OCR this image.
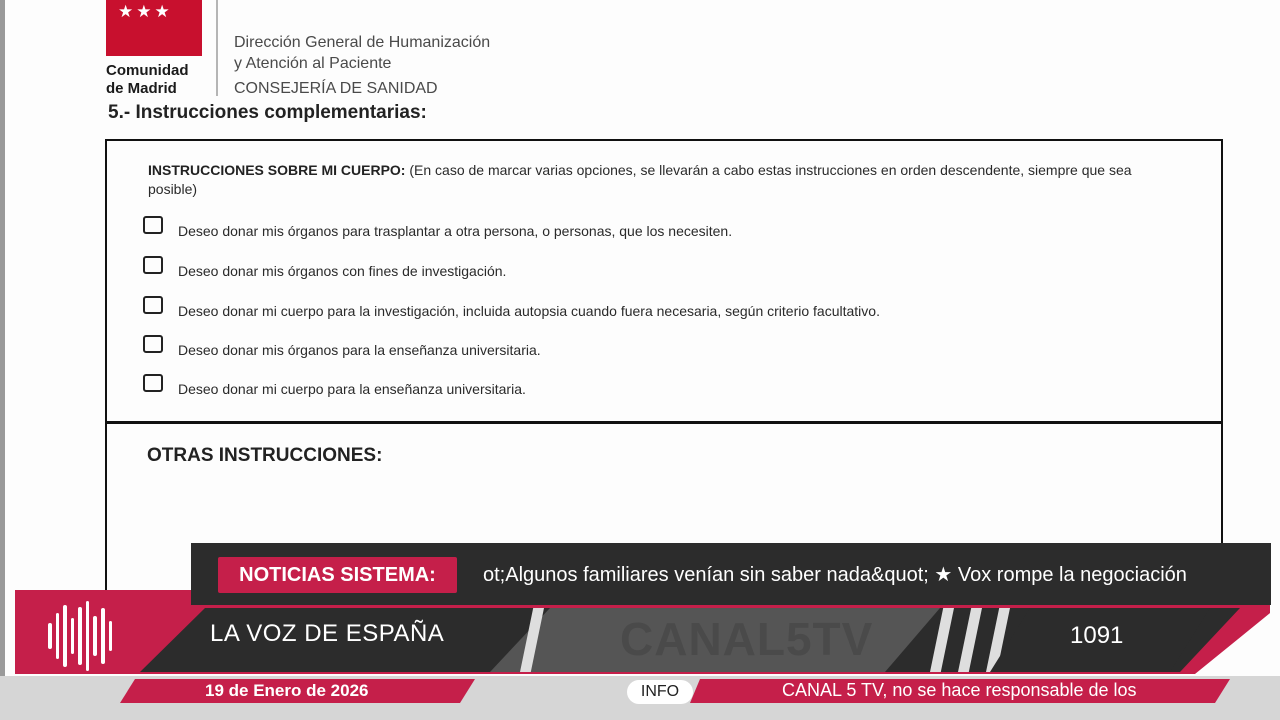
★★★
Comunidad
de Madrid
Dirección General de Humanización
y Atención al Paciente
CONSEJERÍA DE SANIDAD
5.- Instrucciones complementarias:
INSTRUCCIONES SOBRE MI CUERPO: (En caso de marcar varias opciones, se llevarán a cabo estas instrucciones en orden descendente, siempre que sea posible)
Deseo donar mis órganos para trasplantar a otra persona, o personas, que los necesiten.
Deseo donar mis órganos con fines de investigación.
Deseo donar mi cuerpo para la investigación, incluida autopsia cuando fuera necesaria, según criterio facultativo.
Deseo donar mis órganos para la enseñanza universitaria.
Deseo donar mi cuerpo para la enseñanza universitaria.
OTRAS INSTRUCCIONES:
NOTICIAS SISTEMA:	ot;Algunos familiares venían sin saber nada&quot; ★ Vox rompe la negociación
LA VOZ DE ESPAÑA	CANAL5TV	1091
19 de Enero de 2026	INFO	CANAL 5 TV, no se hace responsable de los
